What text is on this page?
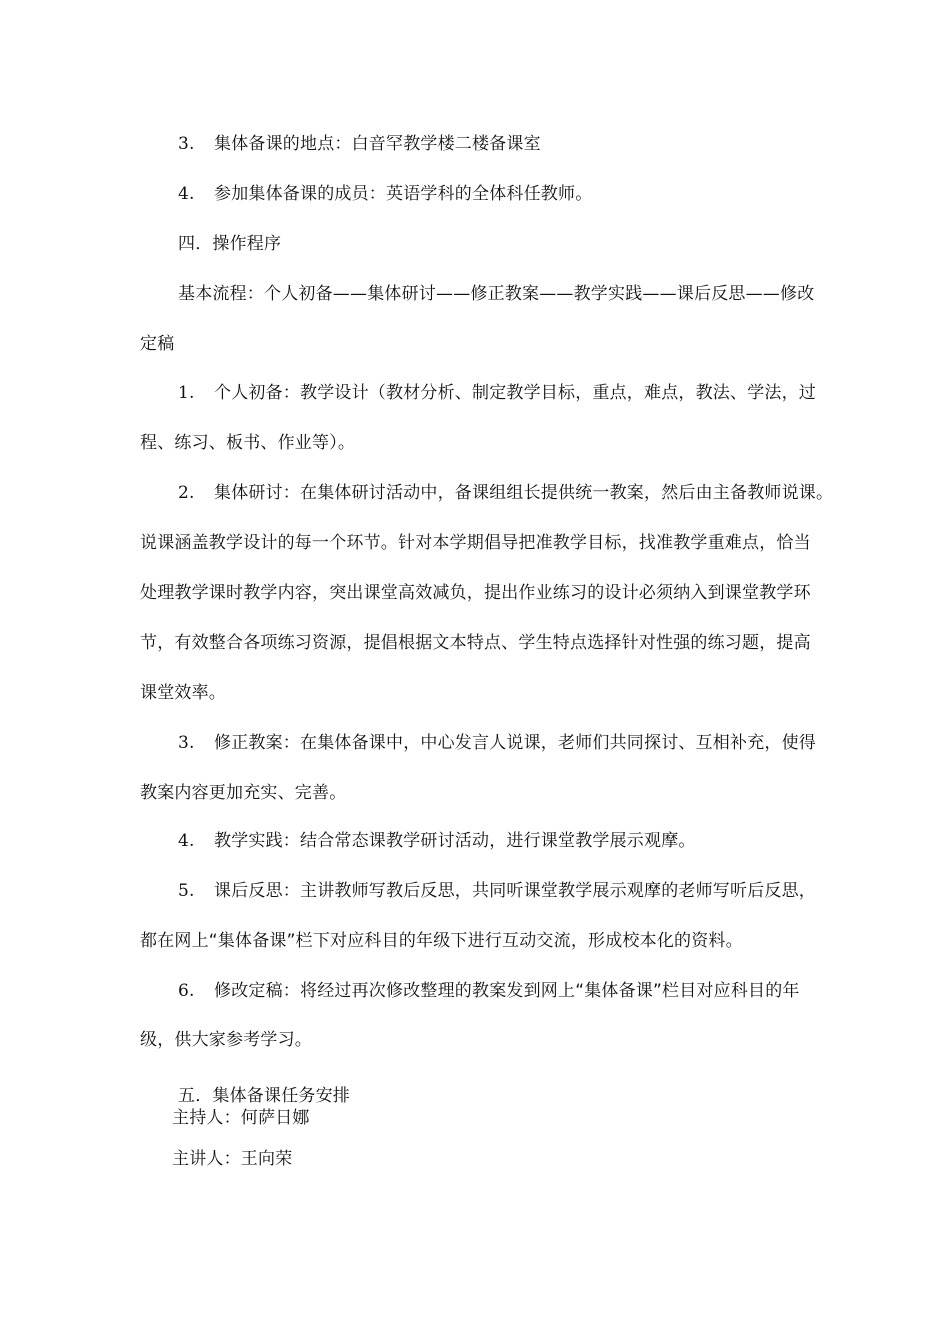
3. 集体备课的地点：白音罕教学楼二楼备课室
4. 参加集体备课的成员：英语学科的全体科任教师。
四．操作程序
基本流程：个人初备——集体研讨——修正教案——教学实践——课后反思——修改
定稿
1. 个人初备：教学设计（教材分析、制定教学目标，重点，难点，教法、学法，过
程、练习、板书、作业等）。
2. 集体研讨：在集体研讨活动中，备课组组长提供统一教案，然后由主备教师说课。
说课涵盖教学设计的每一个环节。针对本学期倡导把准教学目标，找准教学重难点，恰当
处理教学课时教学内容，突出课堂高效减负，提出作业练习的设计必须纳入到课堂教学环
节，有效整合各项练习资源，提倡根据文本特点、学生特点选择针对性强的练习题，提高
课堂效率。
3. 修正教案：在集体备课中，中心发言人说课，老师们共同探讨、互相补充，使得
教案内容更加充实、完善。
4. 教学实践：结合常态课教学研讨活动，进行课堂教学展示观摩。
5. 课后反思：主讲教师写教后反思，共同听课堂教学展示观摩的老师写听后反思，
都在网上“集体备课”栏下对应科目的年级下进行互动交流，形成校本化的资料。
6. 修改定稿：将经过再次修改整理的教案发到网上“集体备课”栏目对应科目的年
级，供大家参考学习。
五．集体备课任务安排
主持人：何萨日娜
主讲人：王向荣
